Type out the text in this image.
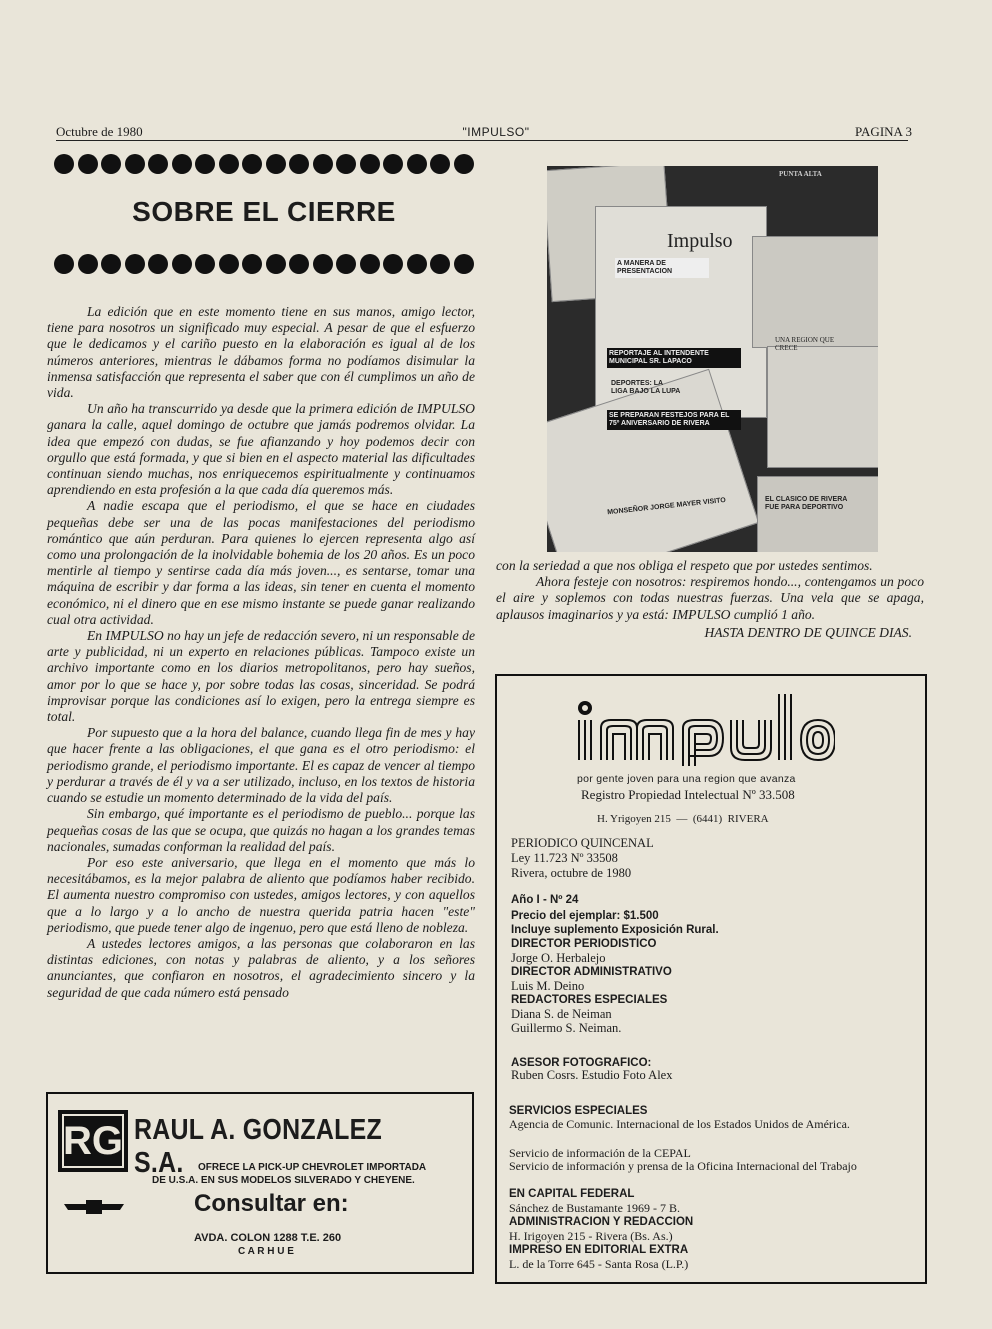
Octubre de 1980	"IMPULSO"	PAGINA 3
SOBRE EL CIERRE

La edición que en este momento tiene en sus manos, amigo lector, tiene para nosotros un significado muy especial. A pesar de que el esfuerzo que le dedicamos y el cariño puesto en la elaboración es igual al de los números anteriores, mientras le dábamos forma no podíamos disimular la inmensa satisfacción que representa el saber que con él cumplimos un año de vida.

Un año ha transcurrido ya desde que la primera edición de IMPULSO ganara la calle, aquel domingo de octubre que jamás podremos olvidar. La idea que empezó con dudas, se fue afianzando y hoy podemos decir con orgullo que está formada, y que si bien en el aspecto material las dificultades continuan siendo muchas, nos enriquecemos espiritualmente y continuamos aprendiendo en esta profesión a la que cada día queremos más.

A nadie escapa que el periodismo, el que se hace en ciudades pequeñas debe ser una de las pocas manifestaciones del periodismo romántico que aún perduran. Para quienes lo ejercen representa algo así como una prolongación de la inolvidable bohemia de los 20 años. Es un poco mentirle al tiempo y sentirse cada día más joven..., es sentarse, tomar una máquina de escribir y dar forma a las ideas, sin tener en cuenta el momento económico, ni el dinero que en ese mismo instante se puede ganar realizando cual otra actividad.

En IMPULSO no hay un jefe de redacción severo, ni un responsable de arte y publicidad, ni un experto en relaciones públicas. Tampoco existe un archivo importante como en los diarios metropolitanos, pero hay sueños, amor por lo que se hace y, por sobre todas las cosas, sinceridad. Se podrá improvisar porque las condiciones así lo exigen, pero la entrega siempre es total.

Por supuesto que a la hora del balance, cuando llega fin de mes y hay que hacer frente a las obligaciones, el que gana es el otro periodismo: el periodismo grande, el periodismo importante. El es capaz de vencer al tiempo y perdurar a través de él y va a ser utilizado, incluso, en los textos de historia cuando se estudie un momento determinado de la vida del país.

Sin embargo, qué importante es el periodismo de pueblo... porque las pequeñas cosas de las que se ocupa, que quizás no hagan a los grandes temas nacionales, sumadas conforman la realidad del país.

Por eso este aniversario, que llega en el momento que más lo necesitábamos, es la mejor palabra de aliento que podíamos haber recibido. El aumenta nuestro compromiso con ustedes, amigos lectores, y con aquellos que a lo largo y a lo ancho de nuestra querida patria hacen "este" periodismo, que puede tener algo de ingenuo, pero que está lleno de nobleza.

A ustedes lectores amigos, a las personas que colaboraron en las distintas ediciones, con notas y palabras de aliento, y a los señores anunciantes, que confiaron en nosotros, el agradecimiento sincero y la seguridad de que cada número está pensado

Impulso
A MANERA DE PRESENTACION
REPORTAJE AL INTENDENTE MUNICIPAL SR. LAPACO
DEPORTES: LA LIGA BAJO LA LUPA
SE PREPARAN FESTEJOS PARA EL 75º ANIVERSARIO DE RIVERA
UNA REGION QUE CRECE
MONSEÑOR JORGE MAYER VISITO	EL CLASICO DE RIVERA FUE PARA DEPORTIVO
PUNTA ALTA

con la seriedad a que nos obliga el respeto que por ustedes sentimos.

Ahora festeje con nosotros: respiremos hondo..., contengamos un poco el aire y soplemos con todas nuestras fuerzas. Una vela que se apaga, aplausos imaginarios y ya está: IMPULSO cumplió 1 año.

HASTA DENTRO DE QUINCE DIAS.

por gente joven para una region que avanza
Registro Propiedad Intelectual Nº 33.508
H. Yrigoyen 215  —  (6441)  RIVERA
PERIODICO QUINCENAL
Ley 11.723 Nº 33508
Rivera, octubre de 1980
Año I - Nº 24
Precio del ejemplar: $1.500
Incluye suplemento Exposición Rural.
DIRECTOR PERIODISTICO
Jorge O. Herbalejo
DIRECTOR ADMINISTRATIVO
Luis M. Deino
REDACTORES ESPECIALES
Diana S. de Neiman
Guillermo S. Neiman.
ASESOR FOTOGRAFICO:
Ruben Cosrs. Estudio Foto Alex
SERVICIOS ESPECIALES
Agencia de Comunic. Internacional de los Estados Unidos de América.
Servicio de información de la CEPAL
Servicio de información y prensa de la Oficina Internacional del Trabajo
EN CAPITAL FEDERAL
Sánchez de Bustamante 1969 - 7 B.
ADMINISTRACION Y REDACCION
H. Irigoyen 215 - Rivera (Bs. As.)
IMPRESO EN EDITORIAL EXTRA
L. de la Torre 645 - Santa Rosa (L.P.)
RG RAUL A. GONZALEZ S.A.	OFRECE LA PICK-UP CHEVROLET IMPORTADA
DE U.S.A. EN SUS MODELOS SILVERADO Y CHEYENE.
Consultar en:
AVDA. COLON 1288 T.E. 260
C A R H U E
